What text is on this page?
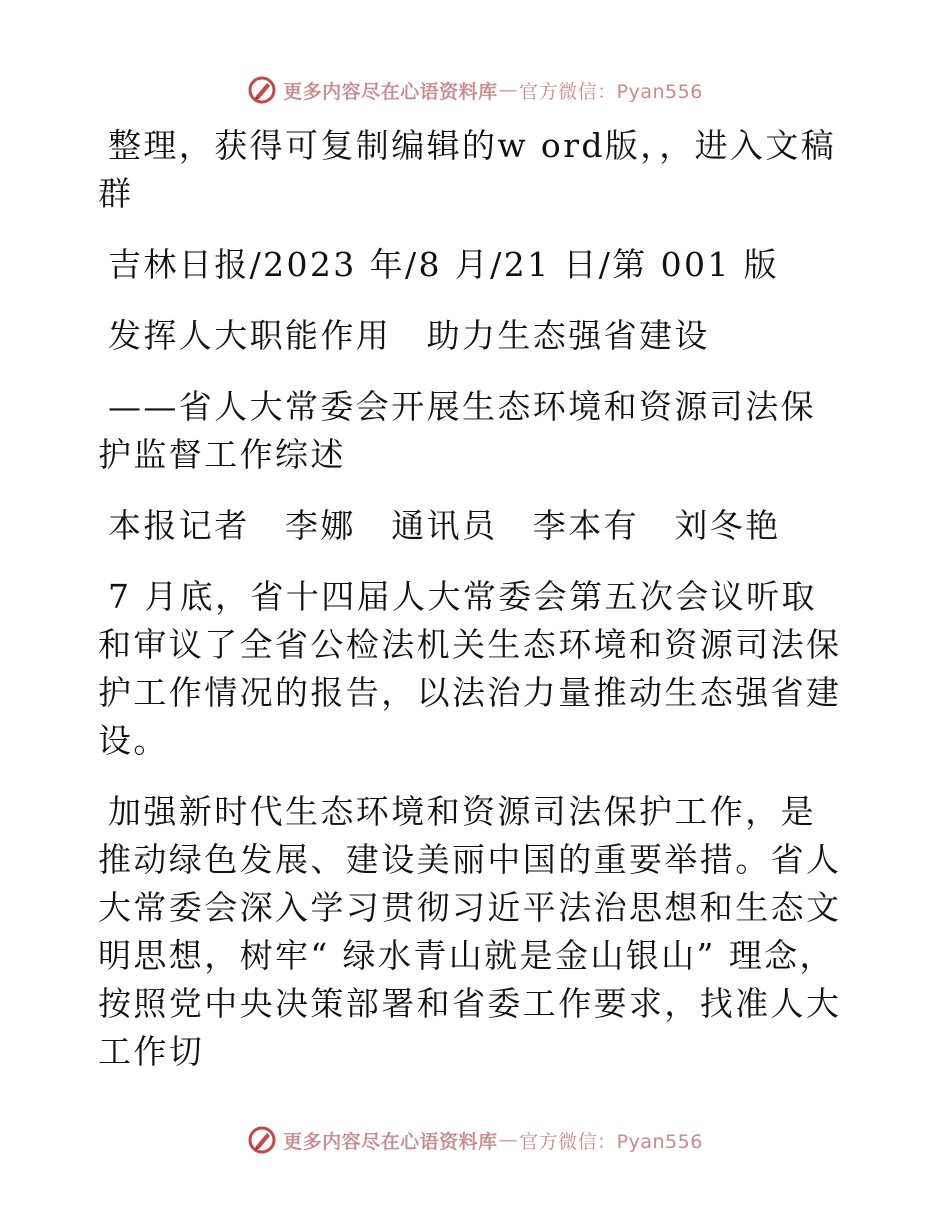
更多内容尽在心语资料库 — 官方微信：Pyan556

整理，获得可复制编辑的w ord版，，进入文稿群

吉林日报/2023 年/8 月/21 日/第 001 版

发挥人大职能作用　助力生态强省建设

——省人大常委会开展生态环境和资源司法保护监督工作综述

本报记者　李娜　通讯员　李本有　刘冬艳

7 月底，省十四届人大常委会第五次会议听取和审议了全省公检法机关生态环境和资源司法保护工作情况的报告，以法治力量推动生态强省建设。

加强新时代生态环境和资源司法保护工作，是推动绿色发展、建设美丽中国的重要举措。省人大常委会深入学习贯彻习近平法治思想和生态文明思想，树牢“ 绿水青山就是金山银山” 理念，按照党中央决策部署和省委工作要求，找准人大工作切

更多内容尽在心语资料库 — 官方微信：Pyan556
